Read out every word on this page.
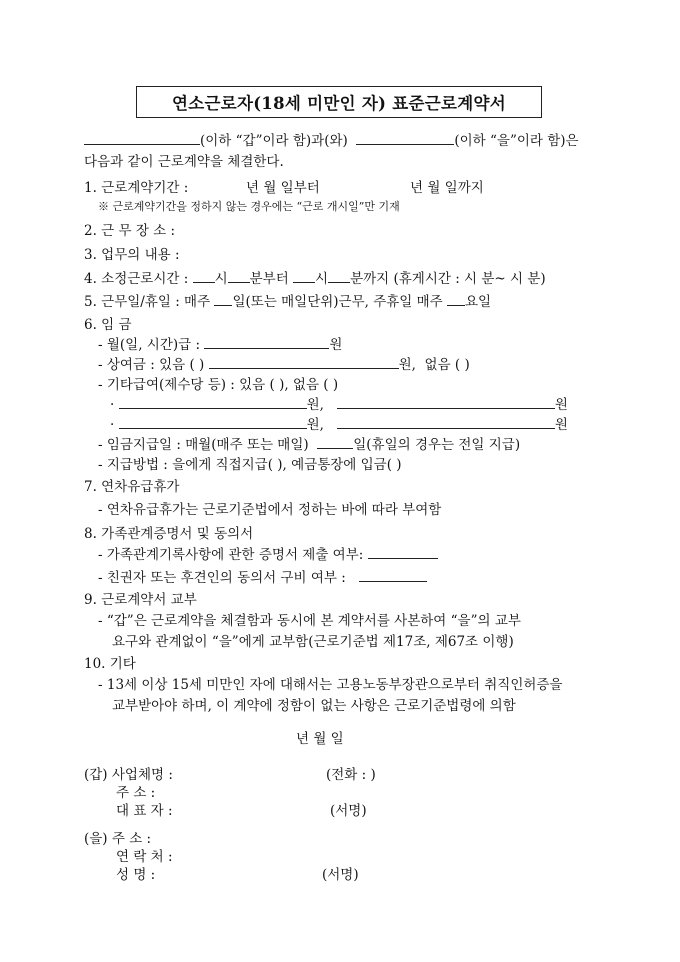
연소근로자(18세 미만인 자) 표준근로계약서
(이하 “갑”이라 함)과(와)	(이하 “을”이라 함)은
다음과 같이 근로계약을 체결한다.
1. 근로계약기간 :	년 월 일부터	년 월 일까지
※ 근로계약기간을 정하지 않는 경우에는 “근로 개시일”만 기재
2. 근 무 장 소 :
3. 업무의 내용 :
4. 소정근로시간 : 시 분부터 시 분까지 (휴게시간 : 시 분~ 시 분)
5. 근무일/휴일 : 매주 일(또는 매일단위)근무, 주휴일 매주 요일
6. 임 금
- 월(일, 시간)급 :	원
- 상여금 : 있음 ( )	원, 없음 ( )
- 기타급여(제수당 등) : 있음 ( ), 없음 ( )
·	원,	원
·	원,	원
- 임금지급일 : 매월(매주 또는 매일)	일(휴일의 경우는 전일 지급)
- 지급방법 : 을에게 직접지급( ), 예금통장에 입금( )
7. 연차유급휴가
- 연차유급휴가는 근로기준법에서 정하는 바에 따라 부여함
8. 가족관계증명서 및 동의서
- 가족관계기록사항에 관한 증명서 제출 여부:
- 친권자 또는 후견인의 동의서 구비 여부 :
9. 근로계약서 교부
- “갑”은 근로계약을 체결함과 동시에 본 계약서를 사본하여 “을”의 교부
요구와 관계없이 “을”에게 교부함(근로기준법 제17조, 제67조 이행)
10. 기타
- 13세 이상 15세 미만인 자에 대해서는 고용노동부장관으로부터 취직인허증을
교부받아야 하며, 이 계약에 정함이 없는 사항은 근로기준법령에 의함
년 월 일
(갑) 사업체명 :	(전화 : )
주 소 :
대 표 자 :	(서명)
(을) 주 소 :
연 락 처 :
성 명 :	(서명)
